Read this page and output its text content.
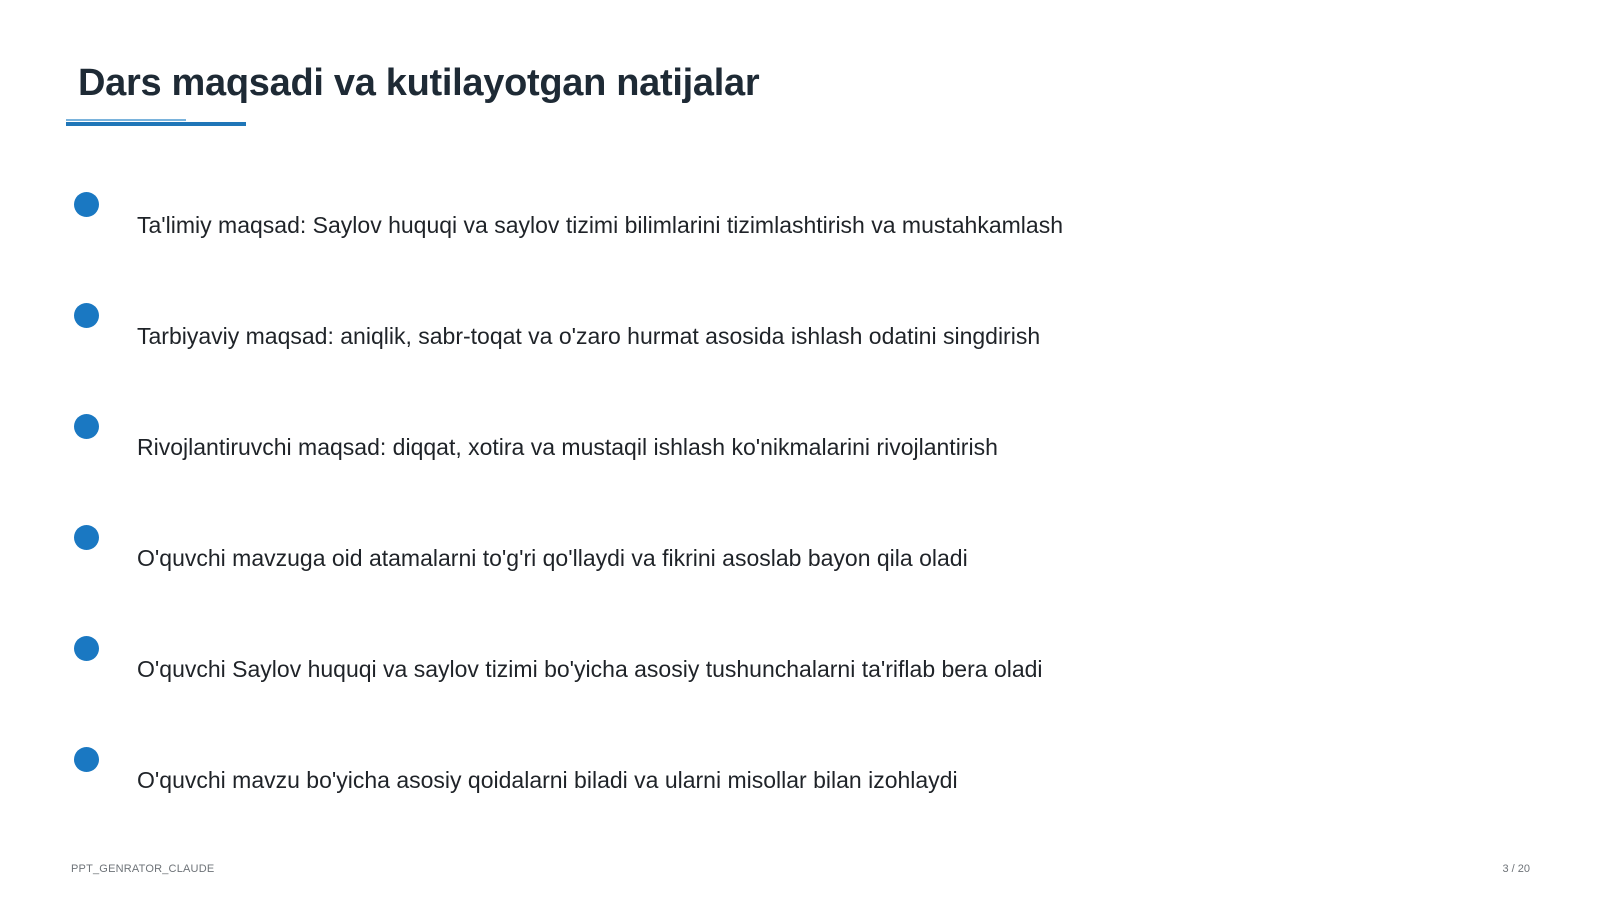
Dars maqsadi va kutilayotgan natijalar
Ta'limiy maqsad: Saylov huquqi va saylov tizimi bilimlarini tizimlashtirish va mustahkamlash
Tarbiyaviy maqsad: aniqlik, sabr-toqat va o'zaro hurmat asosida ishlash odatini singdirish
Rivojlantiruvchi maqsad: diqqat, xotira va mustaqil ishlash ko'nikmalarini rivojlantirish
O'quvchi mavzuga oid atamalarni to'g'ri qo'llaydi va fikrini asoslab bayon qila oladi
O'quvchi Saylov huquqi va saylov tizimi bo'yicha asosiy tushunchalarni ta'riflab bera oladi
O'quvchi mavzu bo'yicha asosiy qoidalarni biladi va ularni misollar bilan izohlaydi
PPT_GENRATOR_CLAUDE	3 / 20
